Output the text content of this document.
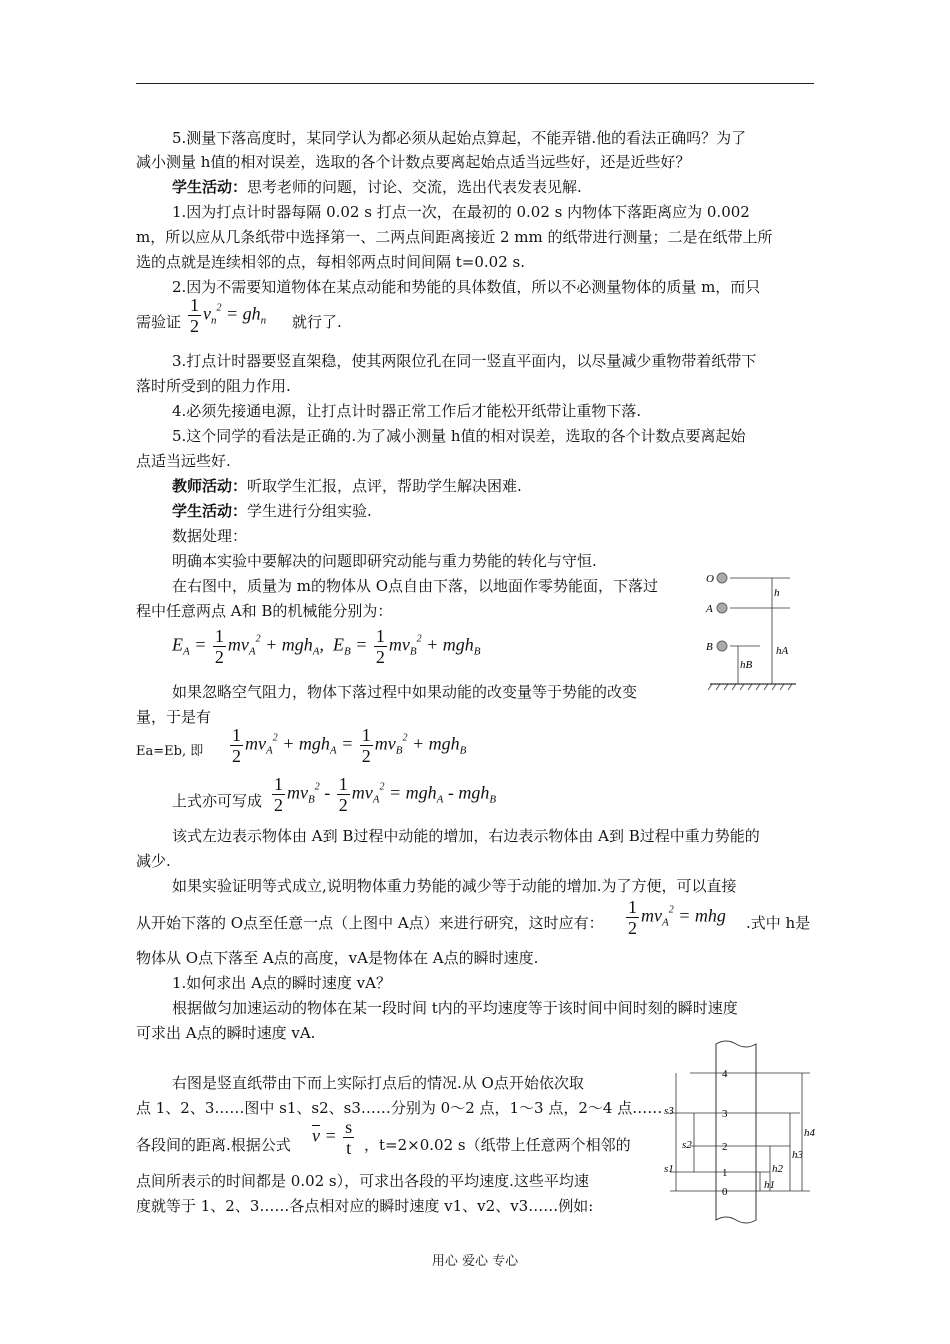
5.测量下落高度时，某同学认为都必须从起始点算起，不能弄错.他的看法正确吗？为了
减小测量 h值的相对误差，选取的各个计数点要离起始点适当远些好，还是近些好？
学生活动：思考老师的问题，讨论、交流，选出代表发表见解.
1.因为打点计时器每隔 0.02 s 打点一次，在最初的 0.02 s 内物体下落距离应为 0.002
m，所以应从几条纸带中选择第一、二两点间距离接近 2 mm 的纸带进行测量；二是在纸带上所
选的点就是连续相邻的点，每相邻两点时间间隔 t=0.02 s.
2.因为不需要知道物体在某点动能和势能的具体数值，所以不必测量物体的质量 m，而只
需验证 $\frac{1}{2} v_n^2 = gh_n$ 就行了.
3.打点计时器要竖直架稳，使其两限位孔在同一竖直平面内，以尽量减少重物带着纸带下
落时所受到的阻力作用.
4.必须先接通电源，让打点计时器正常工作后才能松开纸带让重物下落.
5.这个同学的看法是正确的.为了减小测量 h值的相对误差，选取的各个计数点要离起始
点适当远些好.
教师活动：听取学生汇报，点评，帮助学生解决困难.
学生活动：学生进行分组实验.
数据处理：
明确本实验中要解决的问题即研究动能与重力势能的转化与守恒.
在右图中，质量为 m的物体从 O点自由下落，以地面作零势能面，下落过
程中任意两点 A和 B的机械能分别为：
$E_A = \frac{1}{2} mv_A^2 + mgh_A$,  $E_B = \frac{1}{2} mv_B^2 + mgh_B$
如果忽略空气阻力，物体下落过程中如果动能的改变量等于势能的改变
量，于是有
Ea=Eb, 即 $\frac{1}{2} mv_A^2 + mgh_A = \frac{1}{2} mv_B^2 + mgh_B$
上式亦可写成 $\frac{1}{2} mv_B^2 - \frac{1}{2} mv_A^2 = mgh_A - mgh_B$
该式左边表示物体由 A到 B过程中动能的增加，右边表示物体由 A到 B过程中重力势能的
减少.
如果实验证明等式成立,说明物体重力势能的减少等于动能的增加.为了方便，可以直接
从开始下落的 O点至任意一点（上图中 A点）来进行研究，这时应有： $\frac{1}{2} mv_A^2$ = mhg .式中 h是
物体从 O点下落至 A点的高度，vA是物体在 A点的瞬时速度.
1.如何求出 A点的瞬时速度 vA？
根据做匀加速运动的物体在某一段时间 t内的平均速度等于该时间中间时刻的瞬时速度
可求出 A点的瞬时速度 vA.
右图是竖直纸带由下而上实际打点后的情况.从 O点开始依次取
点 1、2、3……图中 s1、s2、s3……分别为 0～2 点，1～3 点，2～4 点……
各段间的距离.根据公式 $\overline{v} = \frac{s}{t}$ ，t=2×0.02 s（纸带上任意两个相邻的
点间所表示的时间都是 0.02 s），可求出各段的平均速度.这些平均速
度就等于 1、2、3……各点相对应的瞬时速度 v1、v2、v3……例如:
O
A
B
h
hA
hB
0
1
2
3
4
s1
s2
s3
h1
h2
h3
h4
用心 爱心 专心
